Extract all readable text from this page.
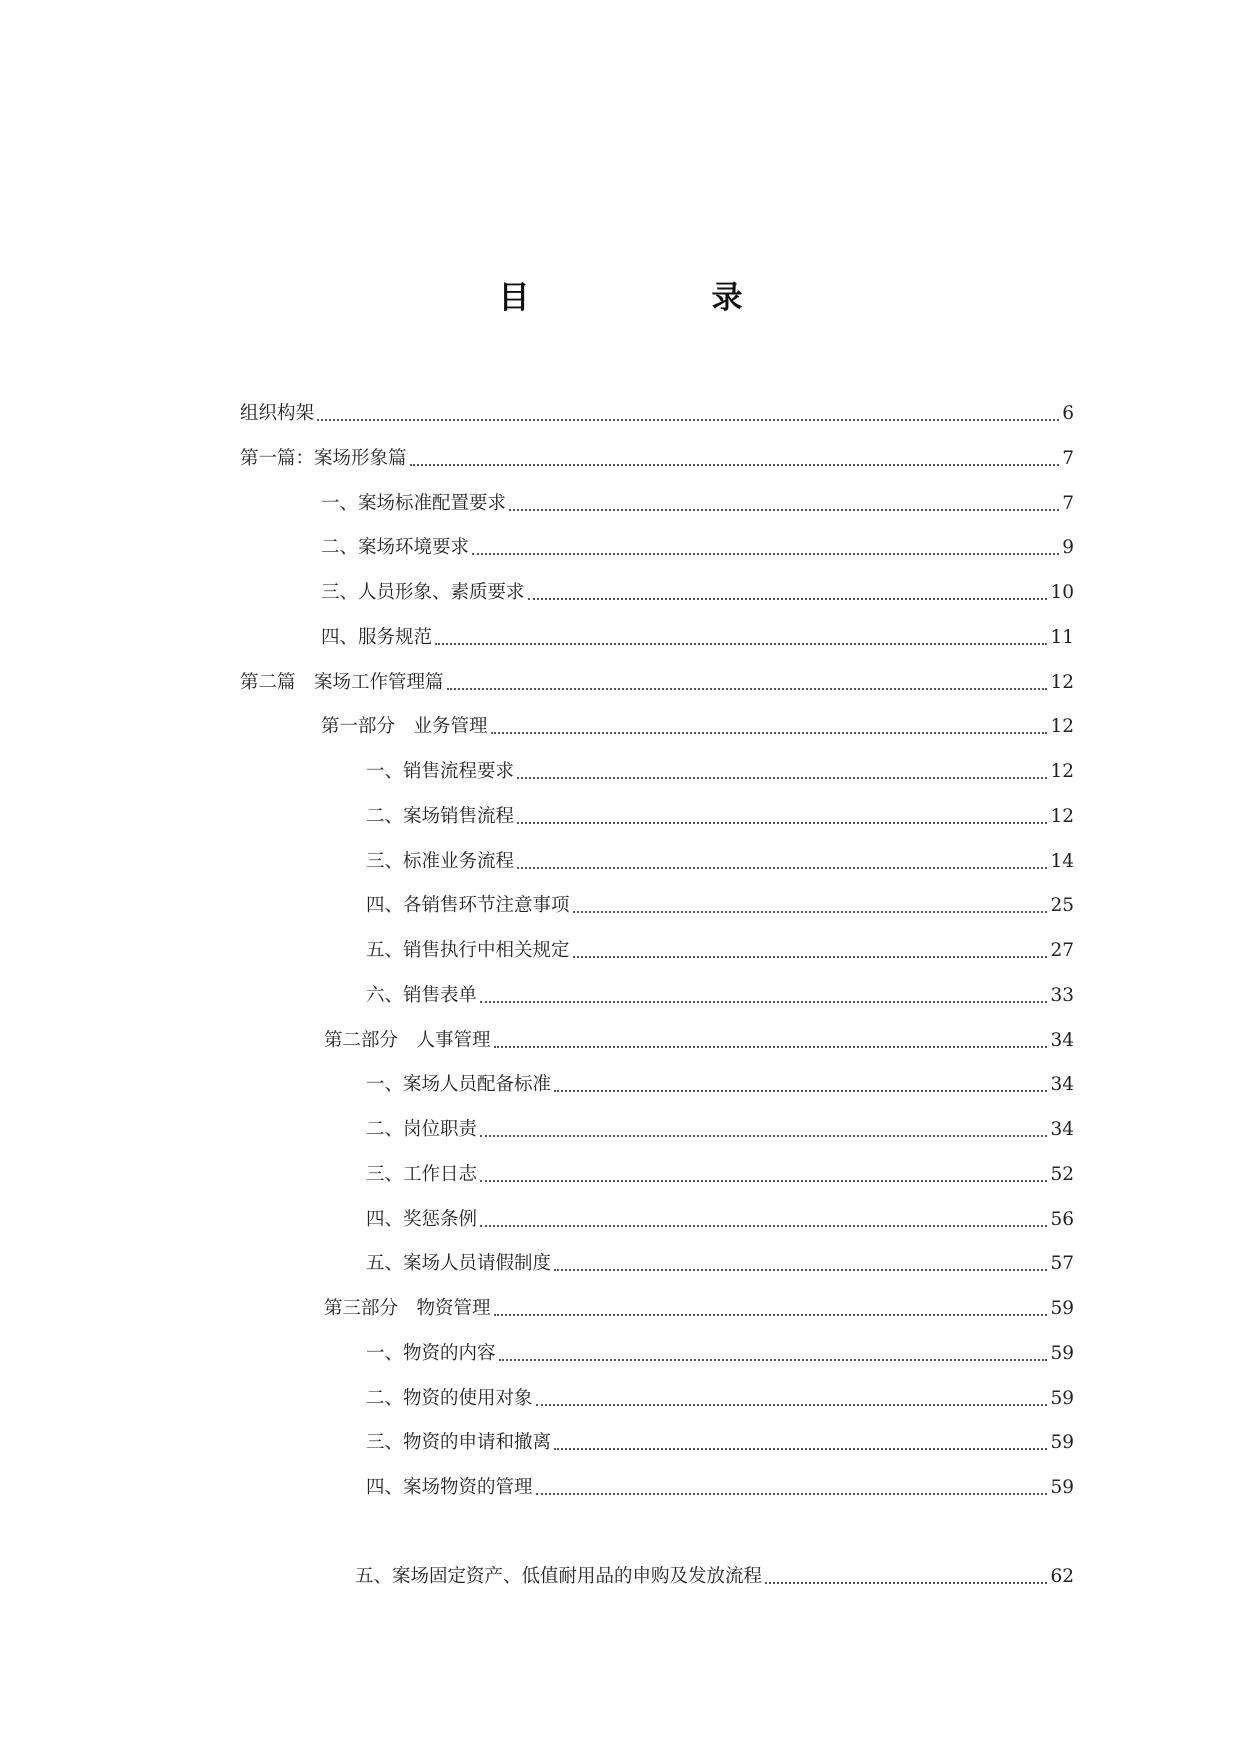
目　　录
组织构架	6
第一篇：案场形象篇	7
一、案场标准配置要求	7
二、案场环境要求	9
三、人员形象、素质要求	10
四、服务规范	11
第二篇　案场工作管理篇	12
第一部分　业务管理	12
一、销售流程要求	12
二、案场销售流程	12
三、标准业务流程	14
四、各销售环节注意事项	25
五、销售执行中相关规定	27
六、销售表单	33
第二部分　人事管理	34
一、案场人员配备标准	34
二、岗位职责	34
三、工作日志	52
四、奖惩条例	56
五、案场人员请假制度	57
第三部分　物资管理	59
一、物资的内容	59
二、物资的使用对象	59
三、物资的申请和撤离	59
四、案场物资的管理	59
五、案场固定资产、低值耐用品的申购及发放流程	62
